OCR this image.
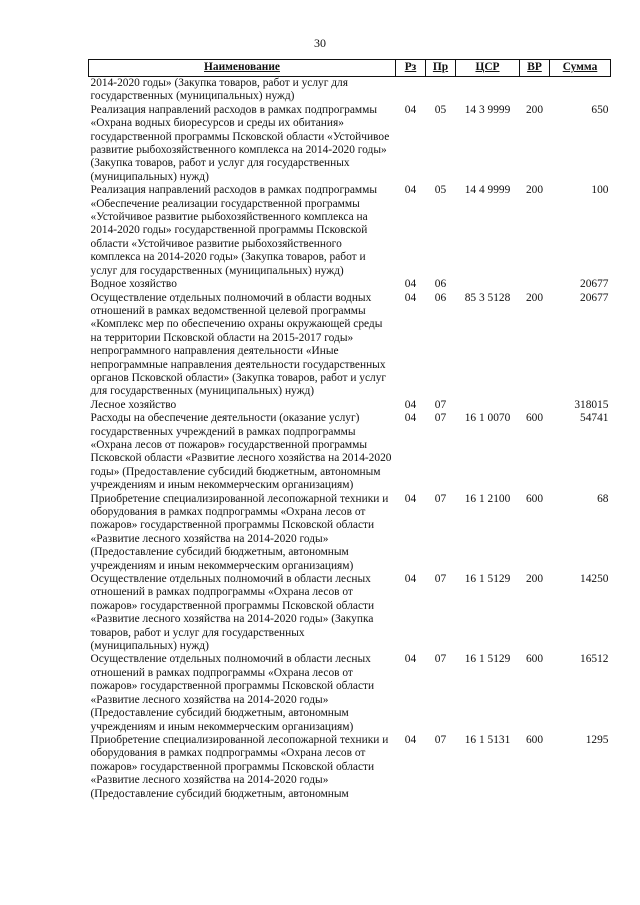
30
Наименование	Рз	Пр	ЦСР	ВР	Сумма
2014-2020 годы» (Закупка товаров, работ и услуг для государственных (муниципальных) нужд)					
Реализация направлений расходов в рамках подпрограммы «Охрана водных биоресурсов и среды их обитания» государственной программы Псковской области «Устойчивое развитие рыбохозяйственного комплекса на 2014-2020 годы» (Закупка товаров, работ и услуг для государственных (муниципальных) нужд)	04	05	14 3 9999	200	650
Реализация направлений расходов в рамках подпрограммы «Обеспечение реализации государственной программы «Устойчивое развитие рыбохозяйственного комплекса на 2014-2020 годы» государственной программы Псковской области «Устойчивое развитие рыбохозяйственного комплекса на 2014-2020 годы» (Закупка товаров, работ и услуг для государственных (муниципальных) нужд)	04	05	14 4 9999	200	100
Водное хозяйство	04	06			20677
Осуществление отдельных полномочий в области водных отношений в рамках ведомственной целевой программы «Комплекс мер по обеспечению охраны окружающей среды на территории Псковской области на 2015-2017 годы» непрограммного направления деятельности «Иные непрограммные направления деятельности государственных органов Псковской области» (Закупка товаров, работ и услуг для государственных (муниципальных) нужд)	04	06	85 3 5128	200	20677
Лесное хозяйство	04	07			318015
Расходы на обеспечение деятельности (оказание услуг) государственных учреждений в рамках подпрограммы «Охрана лесов от пожаров» государственной программы Псковской области «Развитие лесного хозяйства на 2014-2020 годы» (Предоставление субсидий бюджетным, автономным учреждениям и иным некоммерческим организациям)	04	07	16 1 0070	600	54741
Приобретение специализированной лесопожарной техники и оборудования в рамках подпрограммы «Охрана лесов от пожаров» государственной программы Псковской области «Развитие лесного хозяйства на 2014-2020 годы» (Предоставление субсидий бюджетным, автономным учреждениям и иным некоммерческим организациям)	04	07	16 1 2100	600	68
Осуществление отдельных полномочий в области лесных отношений в рамках подпрограммы «Охрана лесов от пожаров» государственной программы Псковской области «Развитие лесного хозяйства на 2014-2020 годы» (Закупка товаров, работ и услуг для государственных (муниципальных) нужд)	04	07	16 1 5129	200	14250
Осуществление отдельных полномочий в области лесных отношений в рамках подпрограммы «Охрана лесов от пожаров» государственной программы Псковской области «Развитие лесного хозяйства на 2014-2020 годы» (Предоставление субсидий бюджетным, автономным учреждениям и иным некоммерческим организациям)	04	07	16 1 5129	600	16512
Приобретение специализированной лесопожарной техники и оборудования в рамках подпрограммы «Охрана лесов от пожаров» государственной программы Псковской области «Развитие лесного хозяйства на 2014-2020 годы» (Предоставление субсидий бюджетным, автономным	04	07	16 1 5131	600	1295
